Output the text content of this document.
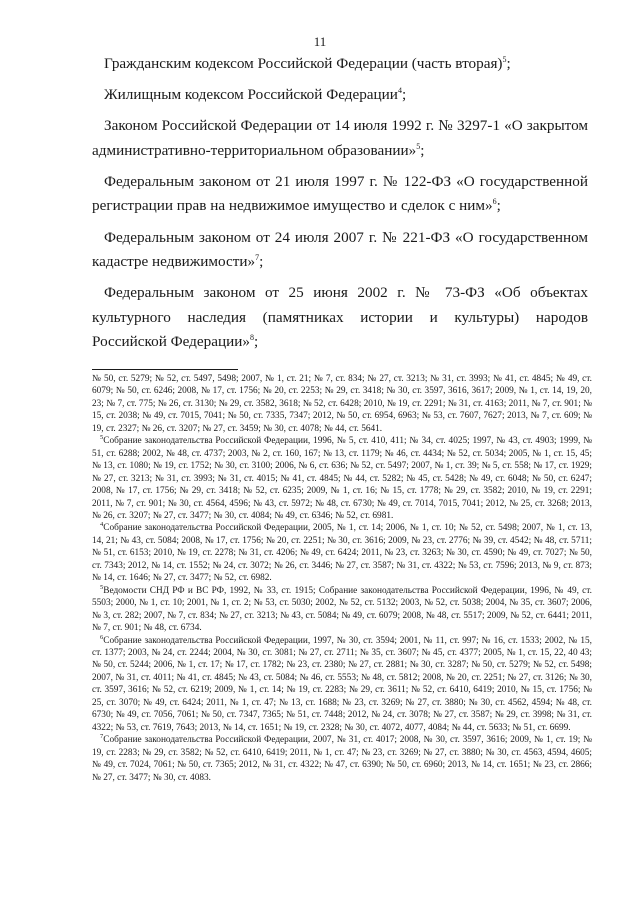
11

Гражданским кодексом Российской Федерации (часть вторая)$^5$;

Жилищным кодексом Российской Федерации$^4$;

Законом Российской Федерации от 14 июля 1992 г. № 3297-1 «О закрытом административно-территориальном образовании»$^5$;

Федеральным законом от 21 июля 1997 г. № 122-ФЗ «О государственной регистрации прав на недвижимое имущество и сделок с ним»$^6$;

Федеральным законом от 24 июля 2007 г. № 221-ФЗ «О государственном кадастре недвижимости»$^7$;

Федеральным законом от 25 июня 2002 г. № 73-ФЗ «Об объектах культурного наследия (памятниках истории и культуры) народов Российской Федерации»$^8$;

№ 50, ст. 5279; № 52, ст. 5497, 5498; 2007, № 1, ст. 21; № 7, ст. 834; № 27, ст. 3213; № 31, ст. 3993; № 41, ст. 4845; № 49, ст. 6079; № 50, ст. 6246; 2008, № 17, ст. 1756; № 20, ст. 2253; № 29, ст. 3418; № 30, ст. 3597, 3616, 3617; 2009, № 1, ст. 14, 19, 20, 23; № 7, ст. 775; № 26, ст. 3130; № 29, ст. 3582, 3618; № 52, ст. 6428; 2010, № 19, ст. 2291; № 31, ст. 4163; 2011, № 7, ст. 901; № 15, ст. 2038; № 49, ст. 7015, 7041; № 50, ст. 7335, 7347; 2012, № 50, ст. 6954, 6963; № 53, ст. 7607, 7627; 2013, № 7, ст. 609; № 19, ст. 2327; № 26, ст. 3207; № 27, ст. 3459; № 30, ст. 4078; № 44, ст. 5641.

$^5$Собрание законодательства Российской Федерации, 1996, № 5, ст. 410, 411; № 34, ст. 4025; 1997, № 43, ст. 4903; 1999, № 51, ст. 6288; 2002, № 48, ст. 4737; 2003, № 2, ст. 160, 167; № 13, ст. 1179; № 46, ст. 4434; № 52, ст. 5034; 2005, № 1, ст. 15, 45; № 13, ст. 1080; № 19, ст. 1752; № 30, ст. 3100; 2006, № 6, ст. 636; № 52, ст. 5497; 2007, № 1, ст. 39; № 5, ст. 558; № 17, ст. 1929; № 27, ст. 3213; № 31, ст. 3993; № 31, ст. 4015; № 41, ст. 4845; № 44, ст. 5282; № 45, ст. 5428; № 49, ст. 6048; № 50, ст. 6247; 2008, № 17, ст. 1756; № 29, ст. 3418; № 52, ст. 6235; 2009, № 1, ст. 16; № 15, ст. 1778; № 29, ст. 3582; 2010, № 19, ст. 2291; 2011, № 7, ст. 901; № 30, ст. 4564, 4596; № 43, ст. 5972; № 48, ст. 6730; № 49, ст. 7014, 7015, 7041; 2012, № 25, ст. 3268; 2013, № 26, ст. 3207; № 27, ст. 3477; № 30, ст. 4084; № 49, ст. 6346; № 52, ст. 6981.

$^4$Собрание законодательства Российской Федерации, 2005, № 1, ст. 14; 2006, № 1, ст. 10; № 52, ст. 5498; 2007, № 1, ст. 13, 14, 21; № 43, ст. 5084; 2008, № 17, ст. 1756; № 20, ст. 2251; № 30, ст. 3616; 2009, № 23, ст. 2776; № 39, ст. 4542; № 48, ст. 5711; № 51, ст. 6153; 2010, № 19, ст. 2278; № 31, ст. 4206; № 49, ст. 6424; 2011, № 23, ст. 3263; № 30, ст. 4590; № 49, ст. 7027; № 50, ст. 7343; 2012, № 14, ст. 1552; № 24, ст. 3072; № 26, ст. 3446; № 27, ст. 3587; № 31, ст. 4322; № 53, ст. 7596; 2013, № 9, ст. 873; № 14, ст. 1646; № 27, ст. 3477; № 52, ст. 6982.

$^5$Ведомости СНД РФ и ВС РФ, 1992, № 33, ст. 1915; Собрание законодательства Российской Федерации, 1996, № 49, ст. 5503; 2000, № 1, ст. 10; 2001, № 1, ст. 2; № 53, ст. 5030; 2002, № 52, ст. 5132; 2003, № 52, ст. 5038; 2004, № 35, ст. 3607; 2006, № 3, ст. 282; 2007, № 7, ст. 834; № 27, ст. 3213; № 43, ст. 5084; № 49, ст. 6079; 2008, № 48, ст. 5517; 2009, № 52, ст. 6441; 2011, № 7, ст. 901; № 48, ст. 6734.

$^6$Собрание законодательства Российской Федерации, 1997, № 30, ст. 3594; 2001, № 11, ст. 997; № 16, ст. 1533; 2002, № 15, ст. 1377; 2003, № 24, ст. 2244; 2004, № 30, ст. 3081; № 27, ст. 2711; № 35, ст. 3607; № 45, ст. 4377; 2005, № 1, ст. 15, 22, 40 43; № 50, ст. 5244; 2006, № 1, ст. 17; № 17, ст. 1782; № 23, ст. 2380; № 27, ст. 2881; № 30, ст. 3287; № 50, ст. 5279; № 52, ст. 5498; 2007, № 31, ст. 4011; № 41, ст. 4845; № 43, ст. 5084; № 46, ст. 5553; № 48, ст. 5812; 2008, № 20, ст. 2251; № 27, ст. 3126; № 30, ст. 3597, 3616; № 52, ст. 6219; 2009, № 1, ст. 14; № 19, ст. 2283; № 29, ст. 3611; № 52, ст. 6410, 6419; 2010, № 15, ст. 1756; № 25, ст. 3070; № 49, ст. 6424; 2011, № 1, ст. 47; № 13, ст. 1688; № 23, ст. 3269; № 27, ст. 3880; № 30, ст. 4562, 4594; № 48, ст. 6730; № 49, ст. 7056, 7061; № 50, ст. 7347, 7365; № 51, ст. 7448; 2012, № 24, ст. 3078; № 27, ст. 3587; № 29, ст. 3998; № 31, ст. 4322; № 53, ст. 7619, 7643; 2013, № 14, ст. 1651; № 19, ст. 2328; № 30, ст. 4072, 4077, 4084; № 44, ст. 5633; № 51, ст. 6699.

$^7$Собрание законодательства Российской Федерации, 2007, № 31, ст. 4017; 2008, № 30, ст. 3597, 3616; 2009, № 1, ст. 19; № 19, ст. 2283; № 29, ст. 3582; № 52, ст. 6410, 6419; 2011, № 1, ст. 47; № 23, ст. 3269; № 27, ст. 3880; № 30, ст. 4563, 4594, 4605; № 49, ст. 7024, 7061; № 50, ст. 7365; 2012, № 31, ст. 4322; № 47, ст. 6390; № 50, ст. 6960; 2013, № 14, ст. 1651; № 23, ст. 2866; № 27, ст. 3477; № 30, ст. 4083.
